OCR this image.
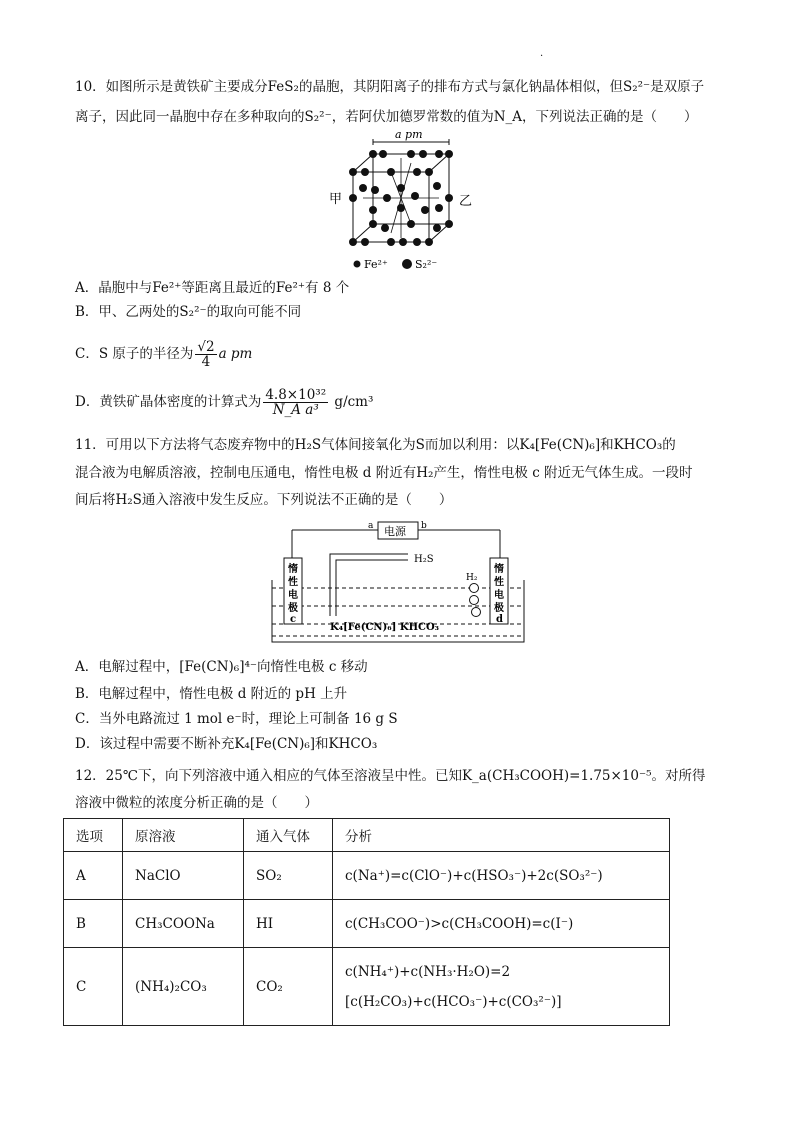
.
10．如图所示是黄铁矿主要成分FeS₂的晶胞，其阴阳离子的排布方式与氯化钠晶体相似，但S₂²⁻是双原子
离子，因此同一晶胞中存在多种取向的S₂²⁻，若阿伏加德罗常数的值为N_A，下列说法正确的是（　　）
a pm
甲	乙
Fe²⁺ S₂²⁻
A．晶胞中与Fe²⁺等距离且最近的Fe²⁺有 8 个
B．甲、乙两处的S₂²⁻的取向可能不同
C．S 原子的半径为 $\frac{√2}{4}$ a pm
D．黄铁矿晶体密度的计算式为 $\frac{\text{4.8×10³²}}{\text{N\_A a³}} g/cm^3$
11．可用以下方法将气态废弃物中的H₂S气体间接氧化为S而加以利用：以K₄[Fe(CN)₆]和KHCO₃的
混合液为电解质溶液，控制电压通电，惰性电极 d 附近有H₂产生，惰性电极 c 附近无气体生成。一段时
间后将H₂S通入溶液中发生反应。下列说法不正确的是（　　）
电源
a	b
惰性电极 c
惰性电极 d
H₂S
H₂
K₄[Fe(CN)₆] KHCO₃
A．电解过程中，[Fe(CN)₆]⁴⁻向惰性电极 c 移动
B．电解过程中，惰性电极 d 附近的 pH 上升
C．当外电路流过 1 mol e⁻时，理论上可制备 16 g S
D．该过程中需要不断补充K₄[Fe(CN)₆]和KHCO₃
12．25℃下，向下列溶液中通入相应的气体至溶液呈中性。已知K_a(CH₃COOH)=1.75×10⁻⁵。对所得
溶液中微粒的浓度分析正确的是（　　）
选项	原溶液	通入气体	分析
A	NaClO	SO₂	c(Na⁺)=c(ClO⁻)+c(HSO₃⁻)+2c(SO₃²⁻)
B	CH₃COONa	HI	c(CH₃COO⁻)>c(CH₃COOH)=c(I⁻)
C	(NH₄)₂CO₃	CO₂	c(NH₄⁺)+c(NH₃·H₂O)=2
[c(H₂CO₃)+c(HCO₃⁻)+c(CO₃²⁻)]
